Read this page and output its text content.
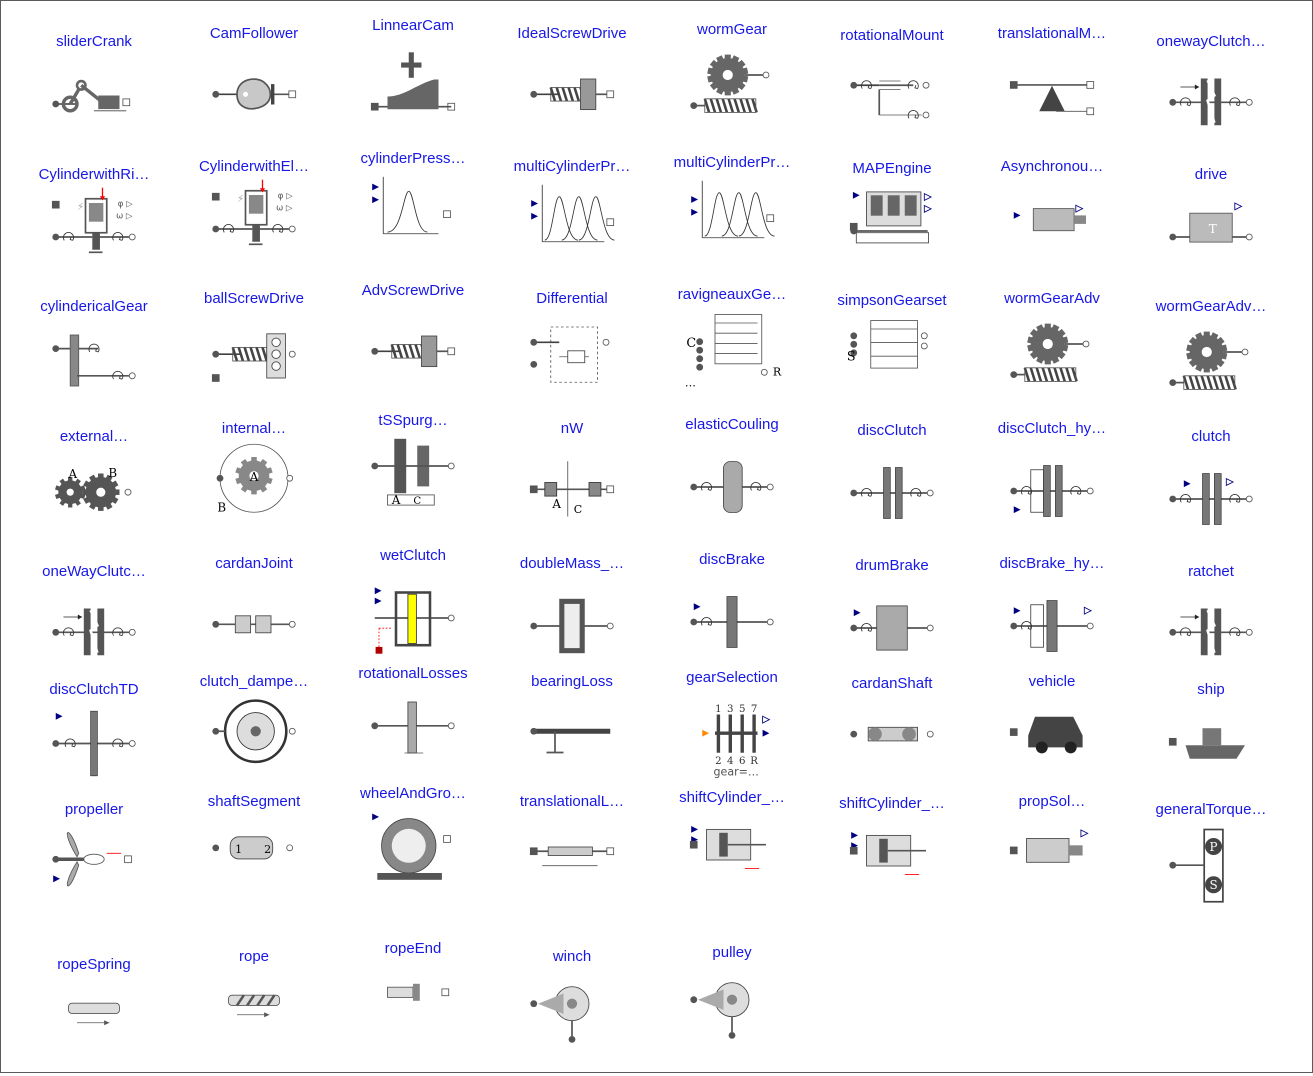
sliderCrank	CamFollower	LinnearCam	IdealScrewDrive	wormGear	rotationalMount	translationalM…	onewayClutch…
CylinderwithRi…
⚡	φ ▷
ω ▷
CylinderwithEl…
⚡	φ ▷
ω ▷
cylinderPress…	multiCylinderPr…	multiCylinderPr…	MAPEngine	Asynchronou…	drive
T
cylindericalGear	ballScrewDrive	AdvScrewDrive	Differential	ravigneauxGe…
C
R
…
simpsonGearset
S
wormGearAdv	wormGearAdv…
external…
A B
internal…
A
B
tSSpurg…
A C
nW
A C
elasticCouling	discClutch	discClutch_hy…	clutch
oneWayClutc…	cardanJoint	wetClutch	doubleMass_…	discBrake	drumBrake	discBrake_hy…	ratchet
discClutchTD	clutch_dampe…	rotationalLosses	bearingLoss	gearSelection
1
2
3
4
5
6
7
R
gear=…
cardanShaft	vehicle	ship
propeller	shaftSegment
1 2
wheelAndGro…	translationalL…	shiftCylinder_…	shiftCylinder_…	propSol…	generalTorque…
P
S
ropeSpring	rope	ropeEnd	winch	pulley
